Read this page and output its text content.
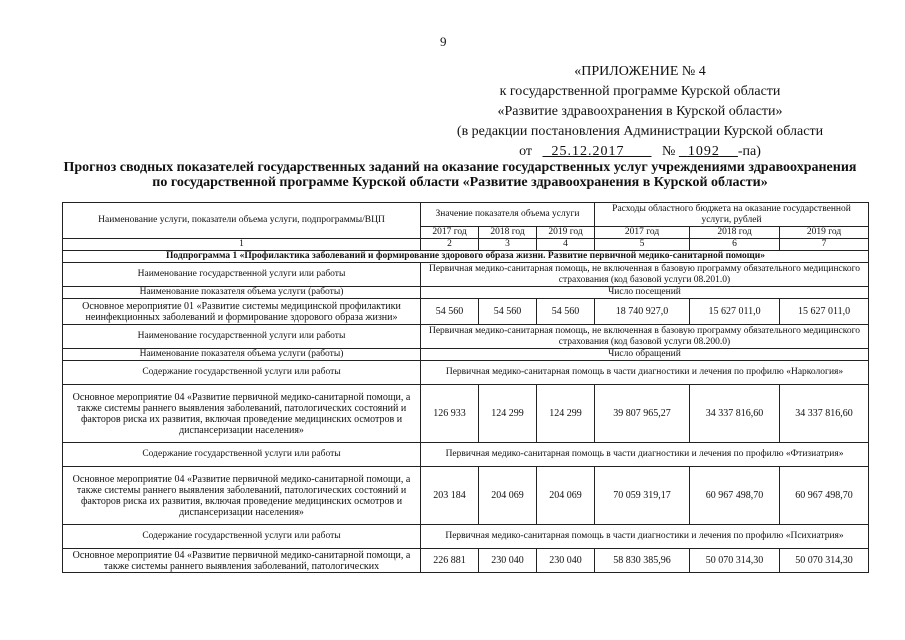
9
«ПРИЛОЖЕНИЕ № 4
к государственной программе Курской области
«Развитие здравоохранения в Курской области»
(в редакции постановления Администрации Курской области
от 25.12.2017	№ 1092 -па)
Прогноз сводных показателей государственных заданий на оказание государственных услуг учреждениями здравоохранения по государственной программе Курской области «Развитие здравоохранения в Курской области»
Наименование услуги, показатели объема услуги, подпрограммы/ВЦП	Значение показателя объема услуги			Расходы областного бюджета на оказание государственной услуги, рублей		
	2017 год	2018 год	2019 год	2017 год	2018 год	2019 год
1	2	3	4	5	6	7
Подпрограмма 1 «Профилактика заболеваний и формирование здорового образа жизни. Развитие первичной медико-санитарной помощи»						
Наименование государственной услуги или работы	Первичная медико-санитарная помощь, не включенная в базовую программу обязательного медицинского страхования (код базовой услуги 08.201.0)					
Наименование показателя объема услуги (работы)	Число посещений					
Основное мероприятие 01 «Развитие системы медицинской профилактики неинфекционных заболеваний и формирование здорового образа жизни»	54 560	54 560	54 560	18 740 927,0	15 627 011,0	15 627 011,0
Наименование государственной услуги или работы	Первичная медико-санитарная помощь, не включенная в базовую программу обязательного медицинского страхования (код базовой услуги 08.200.0)					
Наименование показателя объема услуги (работы)	Число обращений					
Содержание государственной услуги или работы	Первичная медико-санитарная помощь в части диагностики и лечения по профилю «Наркология»					
Основное мероприятие 04 «Развитие первичной медико-санитарной помощи, а также системы раннего выявления заболеваний, патологических состояний и факторов риска их развития, включая проведение медицинских осмотров и диспансеризации населения»	126 933	124 299	124 299	39 807 965,27	34 337 816,60	34 337 816,60
Содержание государственной услуги или работы	Первичная медико-санитарная помощь в части диагностики и лечения по профилю «Фтизиатрия»					
Основное мероприятие 04 «Развитие первичной медико-санитарной помощи, а также системы раннего выявления заболеваний, патологических состояний и факторов риска их развития, включая проведение медицинских осмотров и диспансеризации населения»	203 184	204 069	204 069	70 059 319,17	60 967 498,70	60 967 498,70
Содержание государственной услуги или работы	Первичная медико-санитарная помощь в части диагностики и лечения по профилю «Психиатрия»					
Основное мероприятие 04 «Развитие первичной медико-санитарной помощи, а также системы раннего выявления заболеваний, патологических	226 881	230 040	230 040	58 830 385,96	50 070 314,30	50 070 314,30
